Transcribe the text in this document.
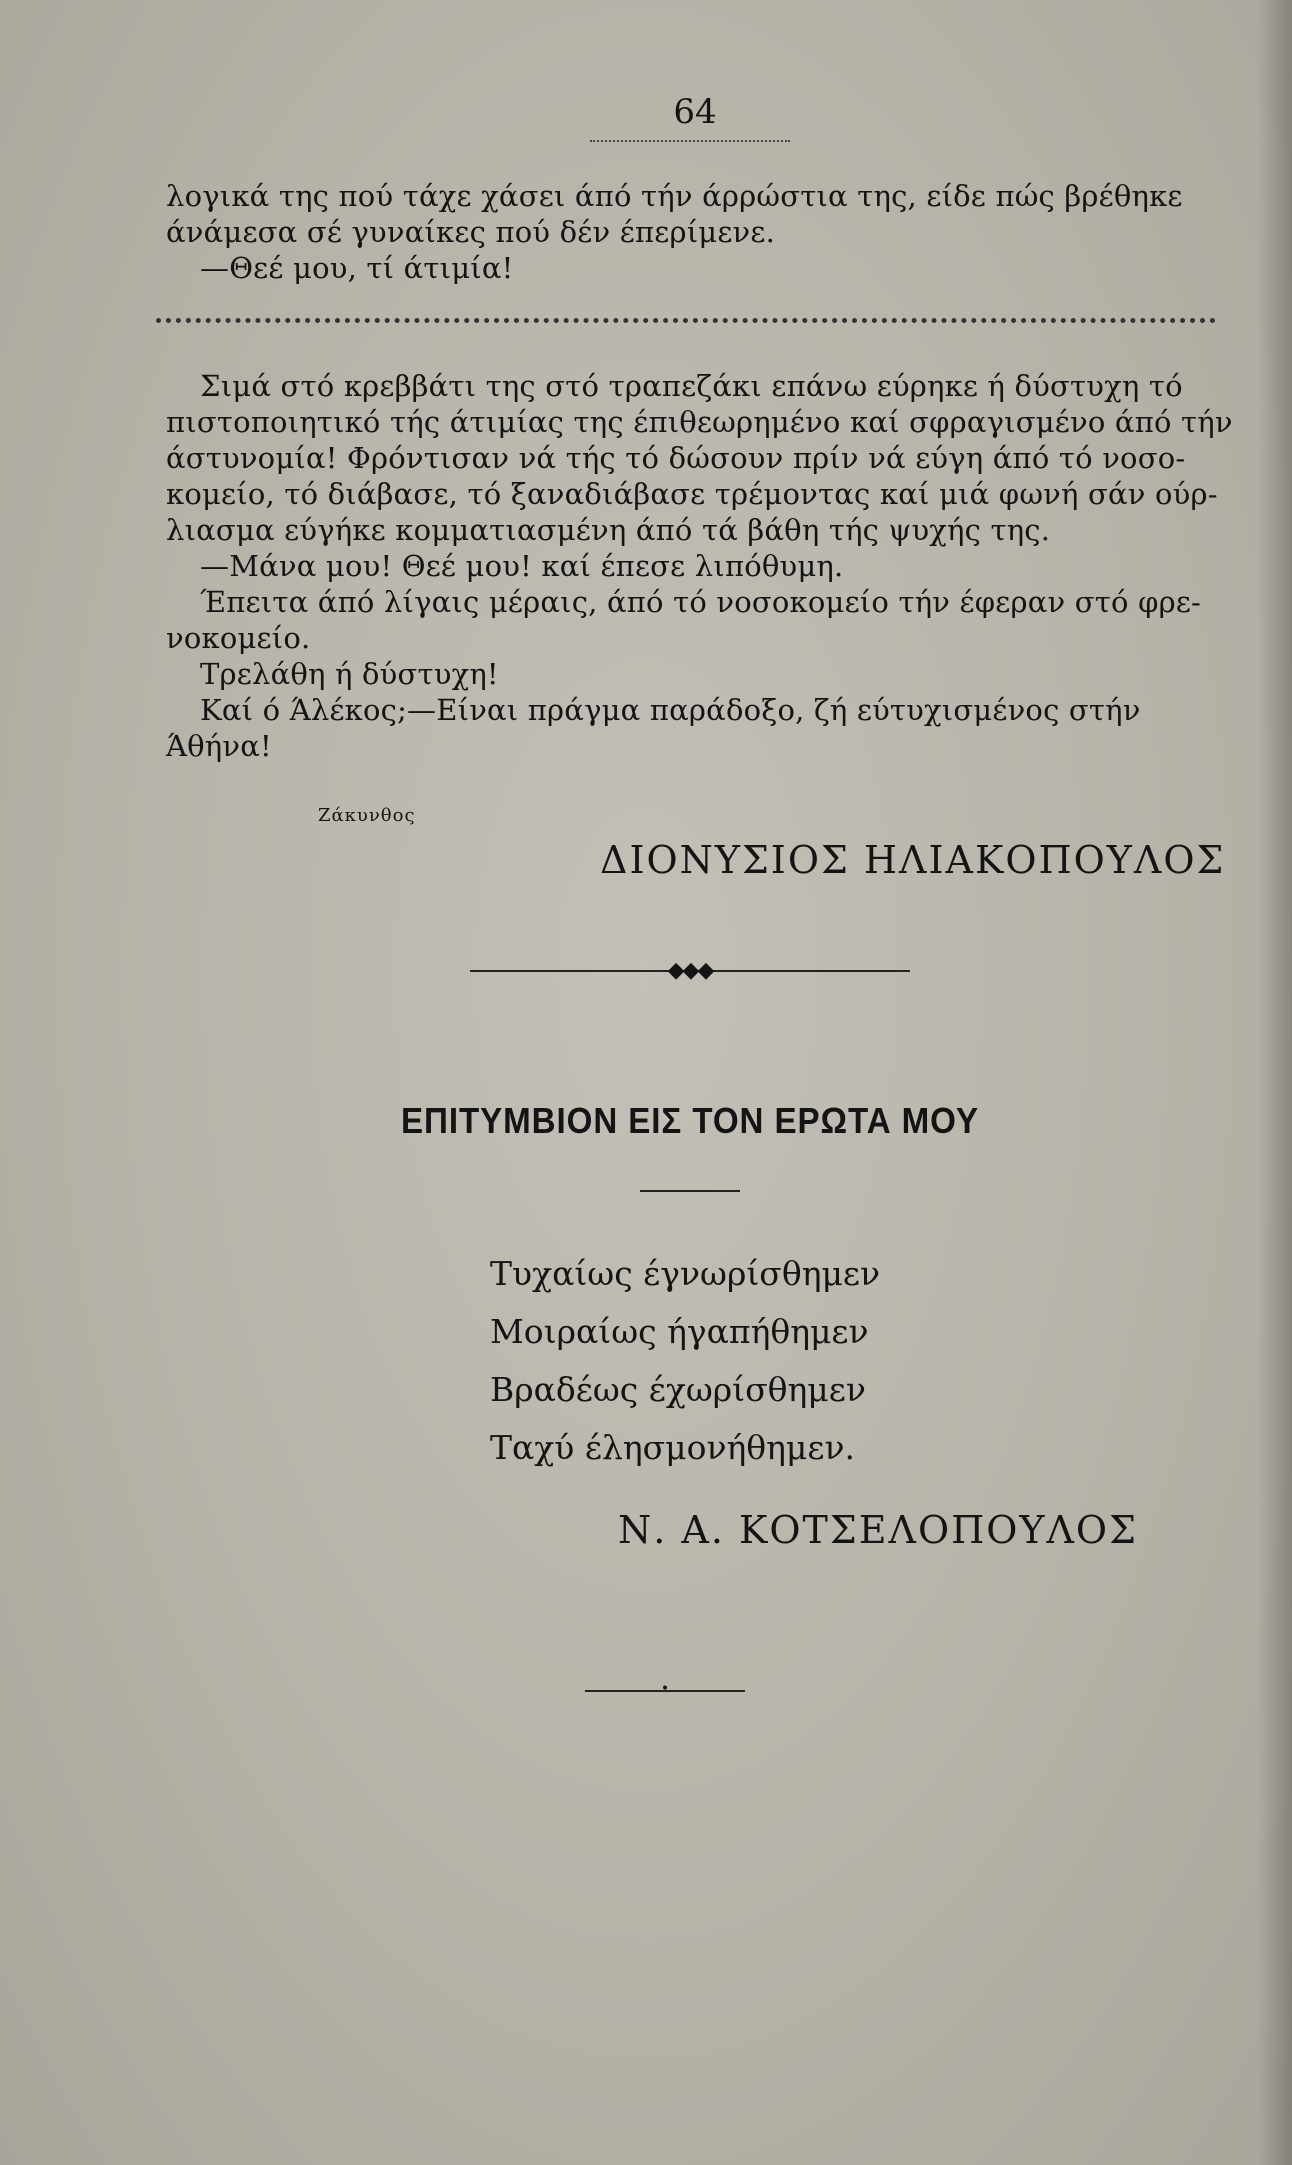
64

λογικά της πού τάχε χάσει άπό τήν άρρώστια της, είδε πώς βρέθηκε

άνάμεσα σέ γυναίκες πού δέν έπερίμενε.

—Θεέ μου, τί άτιμία!

Σιμά στό κρεββάτι της στό τραπεζάκι επάνω εύρηκε ή δύστυχη τό

πιστοποιητικό τής άτιμίας της έπιθεωρημένο καί σφραγισμένο άπό τήν

άστυνομία! Φρόντισαν νά τής τό δώσουν πρίν νά εύγη άπό τό νοσο-

κομείο, τό διάβασε, τό ξαναδιάβασε τρέμοντας καί μιά φωνή σάν ούρ-

λιασμα εύγήκε κομματιασμένη άπό τά βάθη τής ψυχής της.

—Μάνα μου! Θεέ μου! καί έπεσε λιπόθυμη.

Έπειτα άπό λίγαις μέραις, άπό τό νοσοκομείο τήν έφεραν στό φρε-

νοκομείο.

Τρελάθη ή δύστυχη!

Καί ό Άλέκος;—Είναι πράγμα παράδοξο, ζή εύτυχισμένος στήν

Άθήνα!

Ζάκυνθος
ΔΙΟΝΥΣΙΟΣ ΗΛΙΑΚΟΠΟΥΛΟΣ
◆◆◆
ΕΠΙΤΥΜΒΙΟΝ ΕΙΣ ΤΟΝ ΕΡΩΤΑ ΜΟΥ
Τυχαίως έγνωρίσθημεν
Μοιραίως ήγαπήθημεν
Βραδέως έχωρίσθημεν
Ταχύ έλησμονήθημεν.
Ν. Α. ΚΟΤΣΕΛΟΠΟΥΛΟΣ
•
